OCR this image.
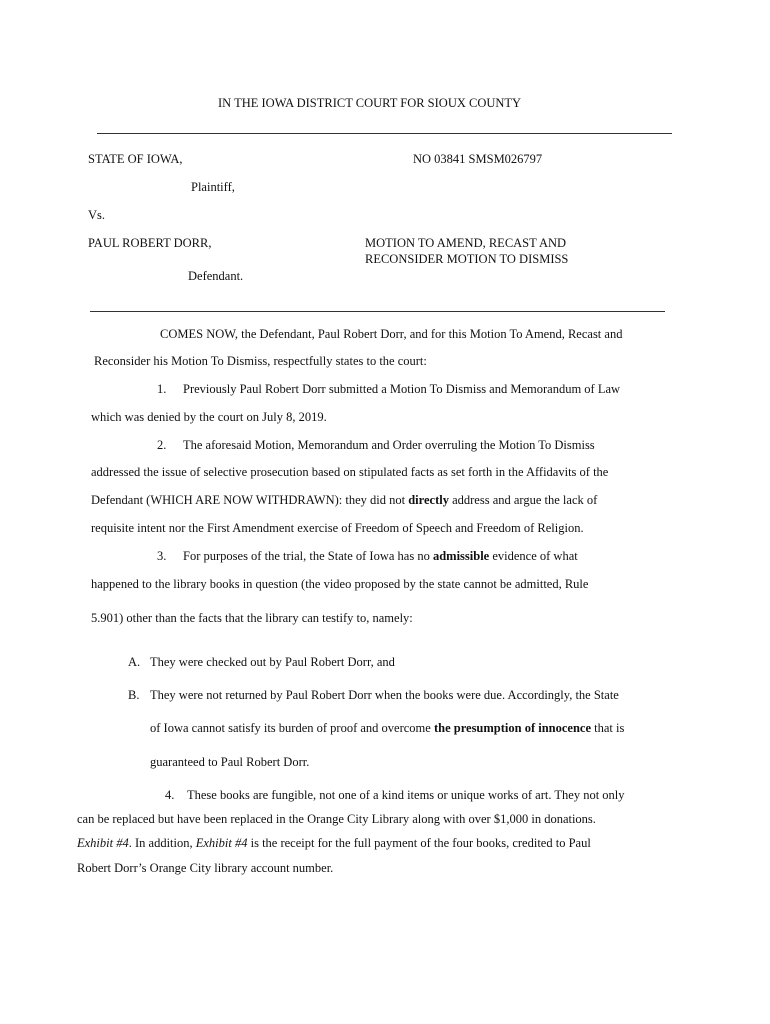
IN THE IOWA DISTRICT COURT FOR SIOUX COUNTY
STATE OF IOWA,	NO 03841 SMSM026797
Plaintiff,
Vs.
PAUL ROBERT DORR,	MOTION TO AMEND, RECAST AND
RECONSIDER MOTION TO DISMISS
Defendant.
COMES NOW, the Defendant, Paul Robert Dorr, and for this Motion To Amend, Recast and
Reconsider his Motion To Dismiss, respectfully states to the court:
1. Previously Paul Robert Dorr submitted a Motion To Dismiss and Memorandum of Law
which was denied by the court on July 8, 2019.
2. The aforesaid Motion, Memorandum and Order overruling the Motion To Dismiss
addressed the issue of selective prosecution based on stipulated facts as set forth in the Affidavits of the
Defendant (WHICH ARE NOW WITHDRAWN): they did not directly address and argue the lack of
requisite intent nor the First Amendment exercise of Freedom of Speech and Freedom of Religion.
3. For purposes of the trial, the State of Iowa has no admissible evidence of what
happened to the library books in question (the video proposed by the state cannot be admitted, Rule
5.901) other than the facts that the library can testify to, namely:
A. They were checked out by Paul Robert Dorr, and
B. They were not returned by Paul Robert Dorr when the books were due. Accordingly, the State
of Iowa cannot satisfy its burden of proof and overcome the presumption of innocence that is
guaranteed to Paul Robert Dorr.
4. These books are fungible, not one of a kind items or unique works of art. They not only
can be replaced but have been replaced in the Orange City Library along with over $1,000 in donations.
Exhibit #4. In addition, Exhibit #4 is the receipt for the full payment of the four books, credited to Paul
Robert Dorr’s Orange City library account number.
